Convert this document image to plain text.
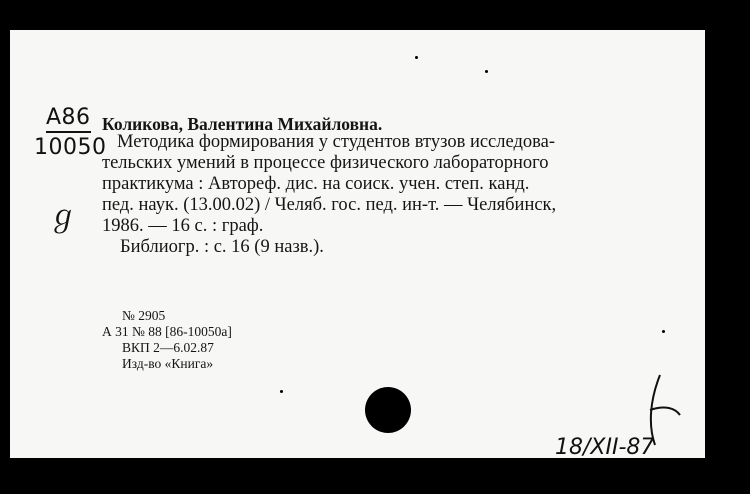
А86
10050
ℊ
Коликова, Валентина Михайловна.
Методика формирования у студентов втузов исследова-
тельских умений в процессе физического лабораторного
практикума : Автореф. дис. на соиск. учен. степ. канд.
пед. наук. (13.00.02) / Челяб. гос. пед. ин-т. — Челябинск,
1986. — 16 с. : граф.
Библиогр. : с. 16 (9 назв.).
№ 2905
А 31 № 88 [86-10050а]
ВКП 2—6.02.87
Изд-во «Книга»
18/XII-87
